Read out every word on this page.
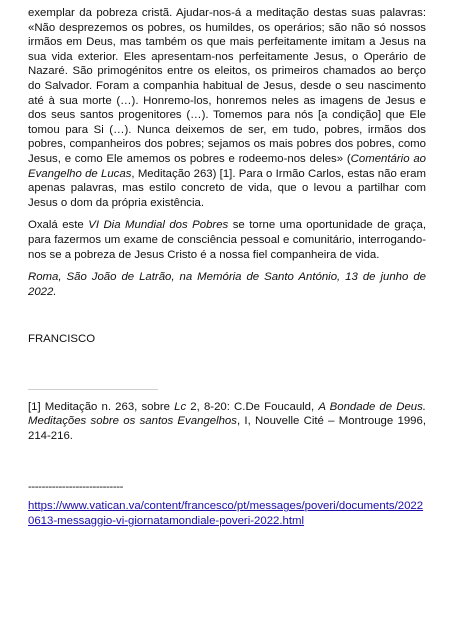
exemplar da pobreza cristã. Ajudar-nos-á a meditação destas suas palavras: «Não desprezemos os pobres, os humildes, os operários; são não só nossos irmãos em Deus, mas também os que mais perfeitamente imitam a Jesus na sua vida exterior. Eles apresentam-nos perfeitamente Jesus, o Operário de Nazaré. São primogénitos entre os eleitos, os primeiros chamados ao berço do Salvador. Foram a companhia habitual de Jesus, desde o seu nascimento até à sua morte (…). Honremo-los, honremos neles as imagens de Jesus e dos seus santos progenitores (…). Tomemos para nós [a condição] que Ele tomou para Si (…). Nunca deixemos de ser, em tudo, pobres, irmãos dos pobres, companheiros dos pobres; sejamos os mais pobres dos pobres, como Jesus, e como Ele amemos os pobres e rodeemo-nos deles» (Comentário ao Evangelho de Lucas, Meditação 263) [1]. Para o Irmão Carlos, estas não eram apenas palavras, mas estilo concreto de vida, que o levou a partilhar com Jesus o dom da própria existência.

Oxalá este VI Dia Mundial dos Pobres se torne uma oportunidade de graça, para fazermos um exame de consciência pessoal e comunitário, interrogando-nos se a pobreza de Jesus Cristo é a nossa fiel companheira de vida.

Roma, São João de Latrão, na Memória de Santo António, 13 de junho de 2022.

FRANCISCO

[1] Meditação n. 263, sobre Lc 2, 8-20: C.De Foucauld, A Bondade de Deus. Meditações sobre os santos Evangelhos, I, Nouvelle Cité – Montrouge 1996, 214-216.

----------------------------
https://www.vatican.va/content/francesco/pt/messages/poveri/documents/20220613-messaggio-vi-giornatamondiale-poveri-2022.html
